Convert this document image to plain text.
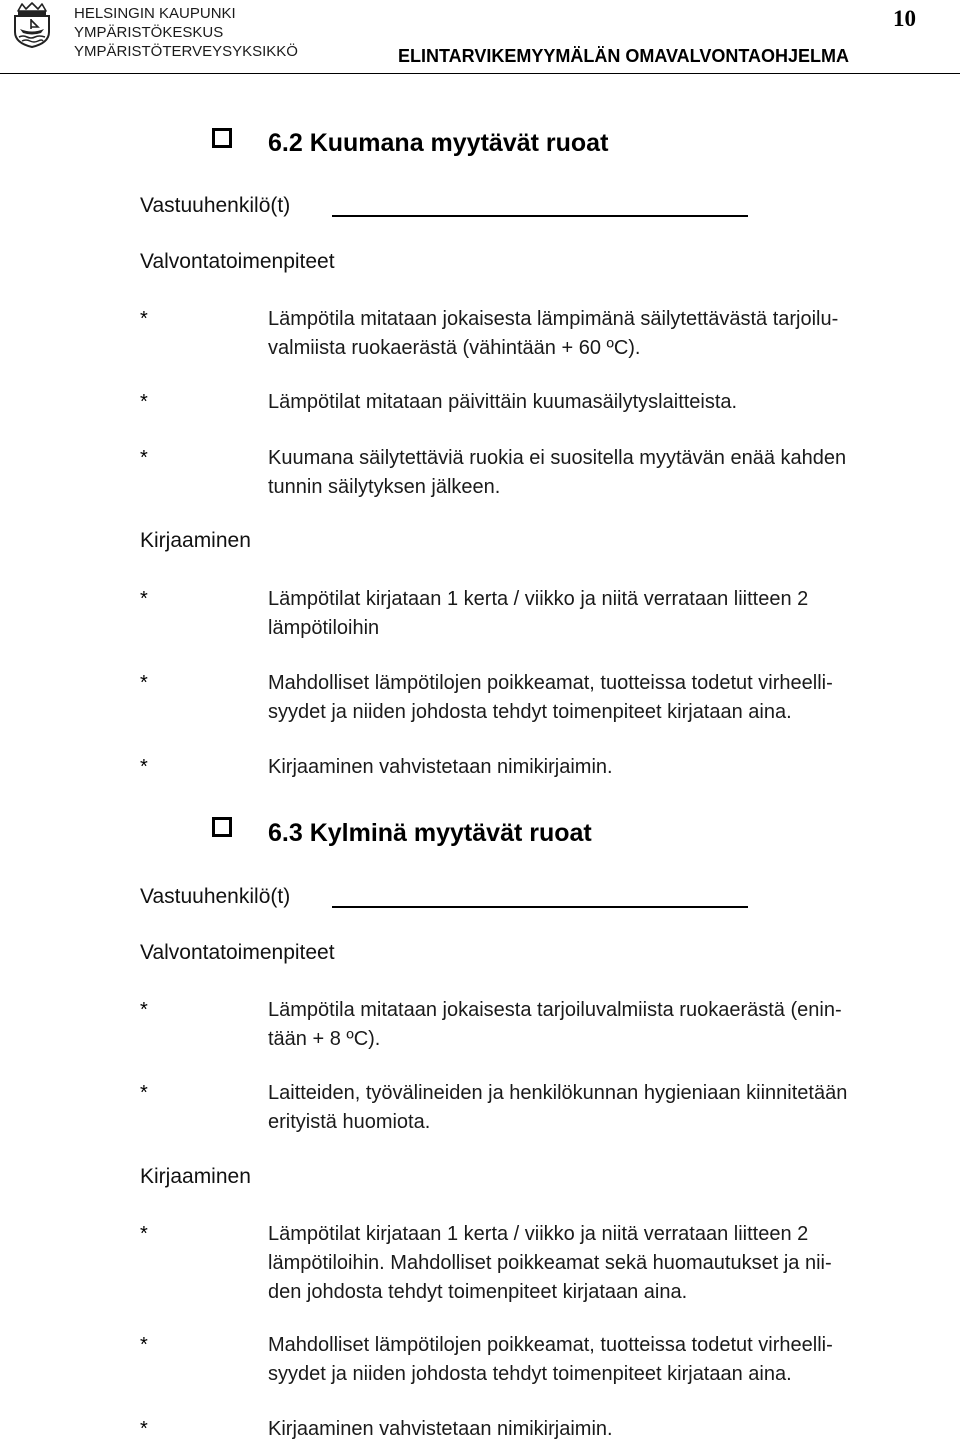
HELSINGIN KAUPUNKI
YMPÄRISTÖKESKUS
YMPÄRISTÖTERVEYSYKSIKKÖ
10
ELINTARVIKEMYYMÄLÄN OMAVALVONTAOHJELMA
6.2 Kuumana myytävät ruoat
Vastuuhenkilö(t)
Valvontatoimenpiteet
*	Lämpötila mitataan jokaisesta lämpimänä säilytettävästä tarjoilu-
valmiista ruokaerästä (vähintään + 60 ºC).
*	Lämpötilat mitataan päivittäin kuumasäilytyslaitteista.
*	Kuumana säilytettäviä ruokia ei suositella myytävän enää kahden
tunnin säilytyksen jälkeen.
Kirjaaminen
*	Lämpötilat kirjataan 1 kerta / viikko ja niitä verrataan liitteen 2
lämpötiloihin
*	Mahdolliset lämpötilojen poikkeamat, tuotteissa todetut virheelli-
syydet ja niiden johdosta tehdyt toimenpiteet kirjataan aina.
*	Kirjaaminen vahvistetaan nimikirjaimin.
6.3 Kylminä myytävät ruoat
Vastuuhenkilö(t)
Valvontatoimenpiteet
*	Lämpötila mitataan jokaisesta tarjoiluvalmiista ruokaerästä (enin-
tään + 8 ºC).
*	Laitteiden, työvälineiden ja henkilökunnan hygieniaan kiinnitetään
erityistä huomiota.
Kirjaaminen
*	Lämpötilat kirjataan 1 kerta / viikko ja niitä verrataan liitteen 2
lämpötiloihin. Mahdolliset poikkeamat sekä huomautukset ja nii-
den johdosta tehdyt toimenpiteet kirjataan aina.
*	Mahdolliset lämpötilojen poikkeamat, tuotteissa todetut virheelli-
syydet ja niiden johdosta tehdyt toimenpiteet kirjataan aina.
*	Kirjaaminen vahvistetaan nimikirjaimin.
